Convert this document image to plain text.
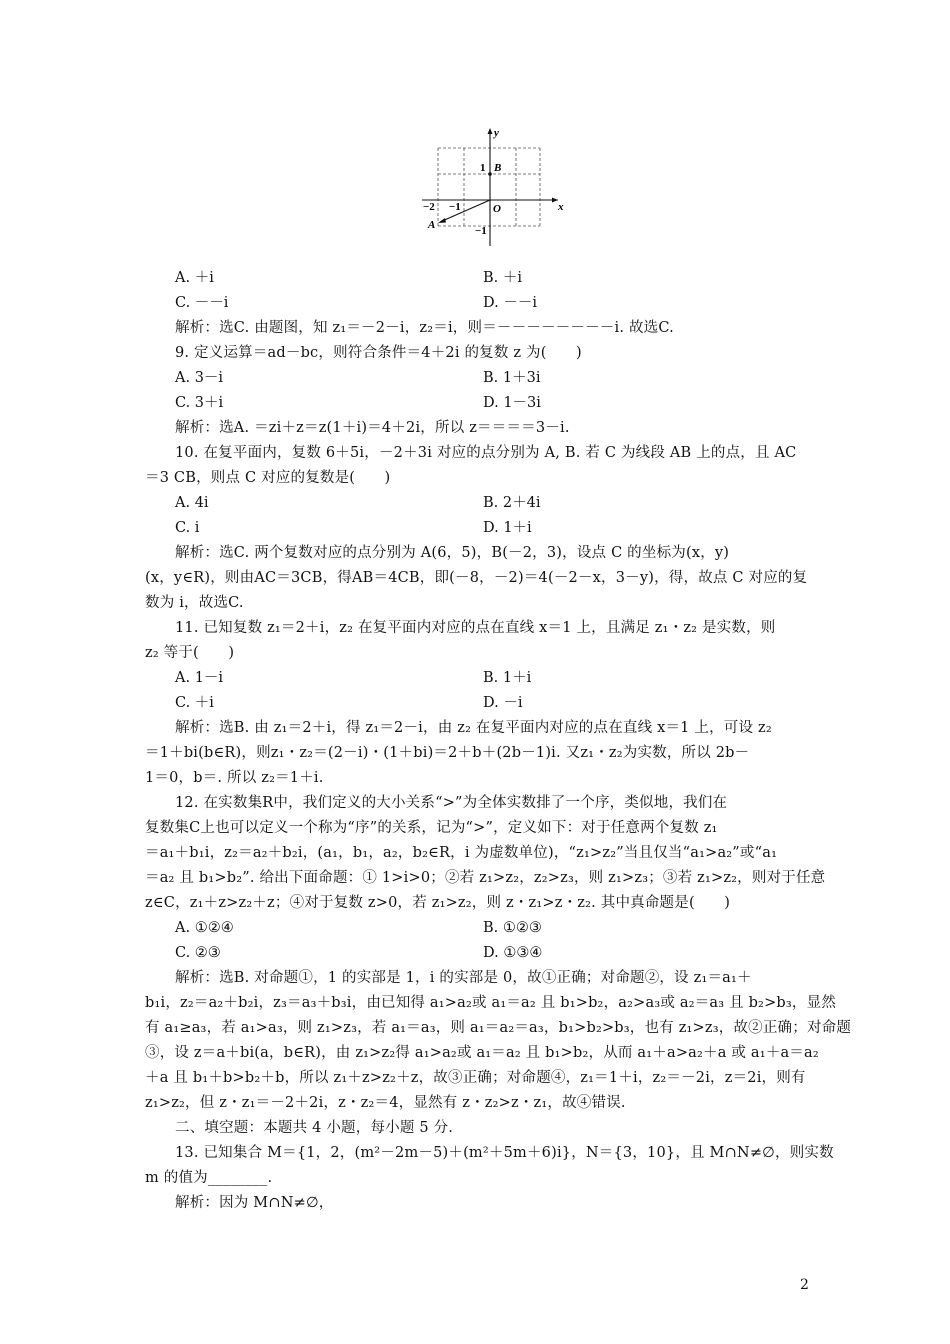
y
x
O
−2 −1
1 B
−1
A
A. ＋i	B. ＋i
C. －－i	D. －－i
解析：选C. 由题图，知 z₁＝－2－i，z₂＝i，则＝－－－－－－－－i. 故选C.
9. 定义运算＝ad－bc，则符合条件＝4＋2i 的复数 z 为(　　)
A. 3－i	B. 1＋3i
C. 3＋i	D. 1－3i
解析：选A. ＝zi＋z＝z(1＋i)＝4＋2i，所以 z＝＝＝＝3－i.
10. 在复平面内，复数 6＋5i，－2＋3i 对应的点分别为 A, B. 若 C 为线段 AB 上的点，且 AC
＝3 CB，则点 C 对应的复数是(　　)
A. 4i	B. 2＋4i
C. i	D. 1＋i
解析：选C. 两个复数对应的点分别为 A(6，5)，B(－2，3)，设点 C 的坐标为(x，y)
(x，y∈R)，则由AC＝3CB，得AB＝4CB，即(－8，－2)＝4(－2－x，3－y)，得，故点 C 对应的复
数为 i，故选C.
11. 已知复数 z₁＝2＋i，z₂ 在复平面内对应的点在直线 x＝1 上，且满足 z₁・z₂ 是实数，则
z₂ 等于(　　)
A. 1－i	B. 1＋i
C. ＋i	D. －i
解析：选B. 由 z₁＝2＋i，得 z₁＝2－i，由 z₂ 在复平面内对应的点在直线 x＝1 上，可设 z₂
＝1＋bi(b∈R)，则z₁・z₂＝(2－i)・(1＋bi)＝2＋b＋(2b－1)i. 又z₁・z₂为实数，所以 2b－
1＝0，b＝. 所以 z₂＝1＋i.
12. 在实数集R中，我们定义的大小关系“>”为全体实数排了一个序，类似地，我们在
复数集C上也可以定义一个称为“序”的关系，记为“>”，定义如下：对于任意两个复数 z₁
＝a₁＋b₁i，z₂＝a₂＋b₂i，(a₁，b₁，a₂，b₂∈R，i 为虚数单位)，“z₁>z₂”当且仅当“a₁>a₂”或“a₁
＝a₂ 且 b₁>b₂”. 给出下面命题：① 1>i>0；②若 z₁>z₂，z₂>z₃，则 z₁>z₃；③若 z₁>z₂，则对于任意
z∈C，z₁＋z>z₂＋z；④对于复数 z>0，若 z₁>z₂，则 z・z₁>z・z₂. 其中真命题是(　　)
A. ①②④	B. ①②③
C. ②③	D. ①③④
解析：选B. 对命题①，1 的实部是 1，i 的实部是 0，故①正确；对命题②，设 z₁＝a₁＋
b₁i，z₂＝a₂＋b₂i，z₃＝a₃＋b₃i，由已知得 a₁>a₂或 a₁＝a₂ 且 b₁>b₂，a₂>a₃或 a₂＝a₃ 且 b₂>b₃，显然
有 a₁≥a₃，若 a₁>a₃，则 z₁>z₃，若 a₁＝a₃，则 a₁＝a₂＝a₃，b₁>b₂>b₃，也有 z₁>z₃，故②正确；对命题
③，设 z＝a＋bi(a，b∈R)，由 z₁>z₂得 a₁>a₂或 a₁＝a₂ 且 b₁>b₂，从而 a₁＋a>a₂＋a 或 a₁＋a＝a₂
＋a 且 b₁＋b>b₂＋b，所以 z₁＋z>z₂＋z，故③正确；对命题④，z₁＝1＋i，z₂＝－2i，z＝2i，则有
z₁>z₂，但 z・z₁＝－2＋2i，z・z₂＝4，显然有 z・z₂>z・z₁，故④错误.
二、填空题：本题共 4 小题，每小题 5 分.
13. 已知集合 M＝{1，2，(m²－2m－5)＋(m²＋5m＋6)i}，N＝{3，10}，且 M∩N≠∅，则实数
m 的值为________.
解析：因为 M∩N≠∅，
2
